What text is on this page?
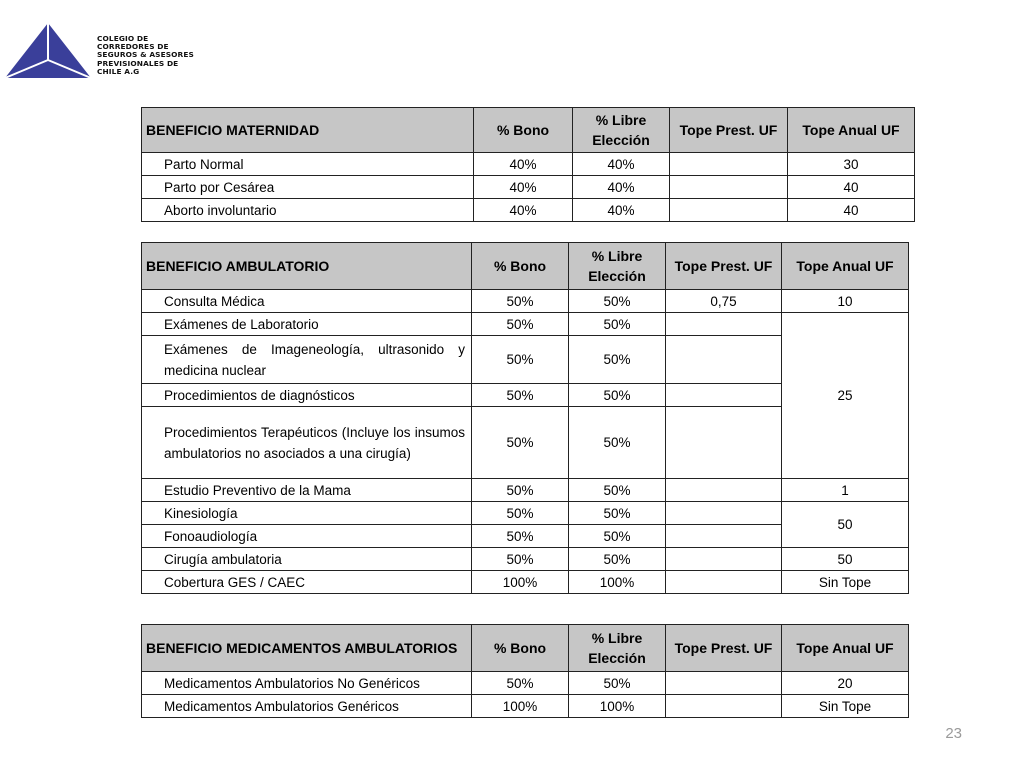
COLEGIO DE
CORREDORES DE
SEGUROS & ASESORES
PREVISIONALES DE
CHILE A.G
BENEFICIO MATERNIDAD	% Bono	% Libre Elección	Tope Prest. UF	Tope Anual UF
Parto Normal	40%	40%		30
Parto por Cesárea	40%	40%		40
Aborto involuntario	40%	40%		40
BENEFICIO AMBULATORIO	% Bono	% Libre Elección	Tope Prest. UF	Tope Anual UF
Consulta Médica	50%	50%	0,75	10
Exámenes de Laboratorio	50%	50%		25
Exámenes de Imageneología, ultrasonido y medicina nuclear	50%	50%		
Procedimientos de diagnósticos	50%	50%		
Procedimientos Terapéuticos (Incluye los insumos ambulatorios no asociados a una cirugía)	50%	50%		
Estudio Preventivo de la Mama	50%	50%		1
Kinesiología	50%	50%		50
Fonoaudiología	50%	50%		
Cirugía ambulatoria	50%	50%		50
Cobertura GES / CAEC	100%	100%		Sin Tope
BENEFICIO MEDICAMENTOS AMBULATORIOS	% Bono	% Libre Elección	Tope Prest. UF	Tope Anual UF
Medicamentos Ambulatorios No Genéricos	50%	50%		20
Medicamentos Ambulatorios Genéricos	100%	100%		Sin Tope
23
